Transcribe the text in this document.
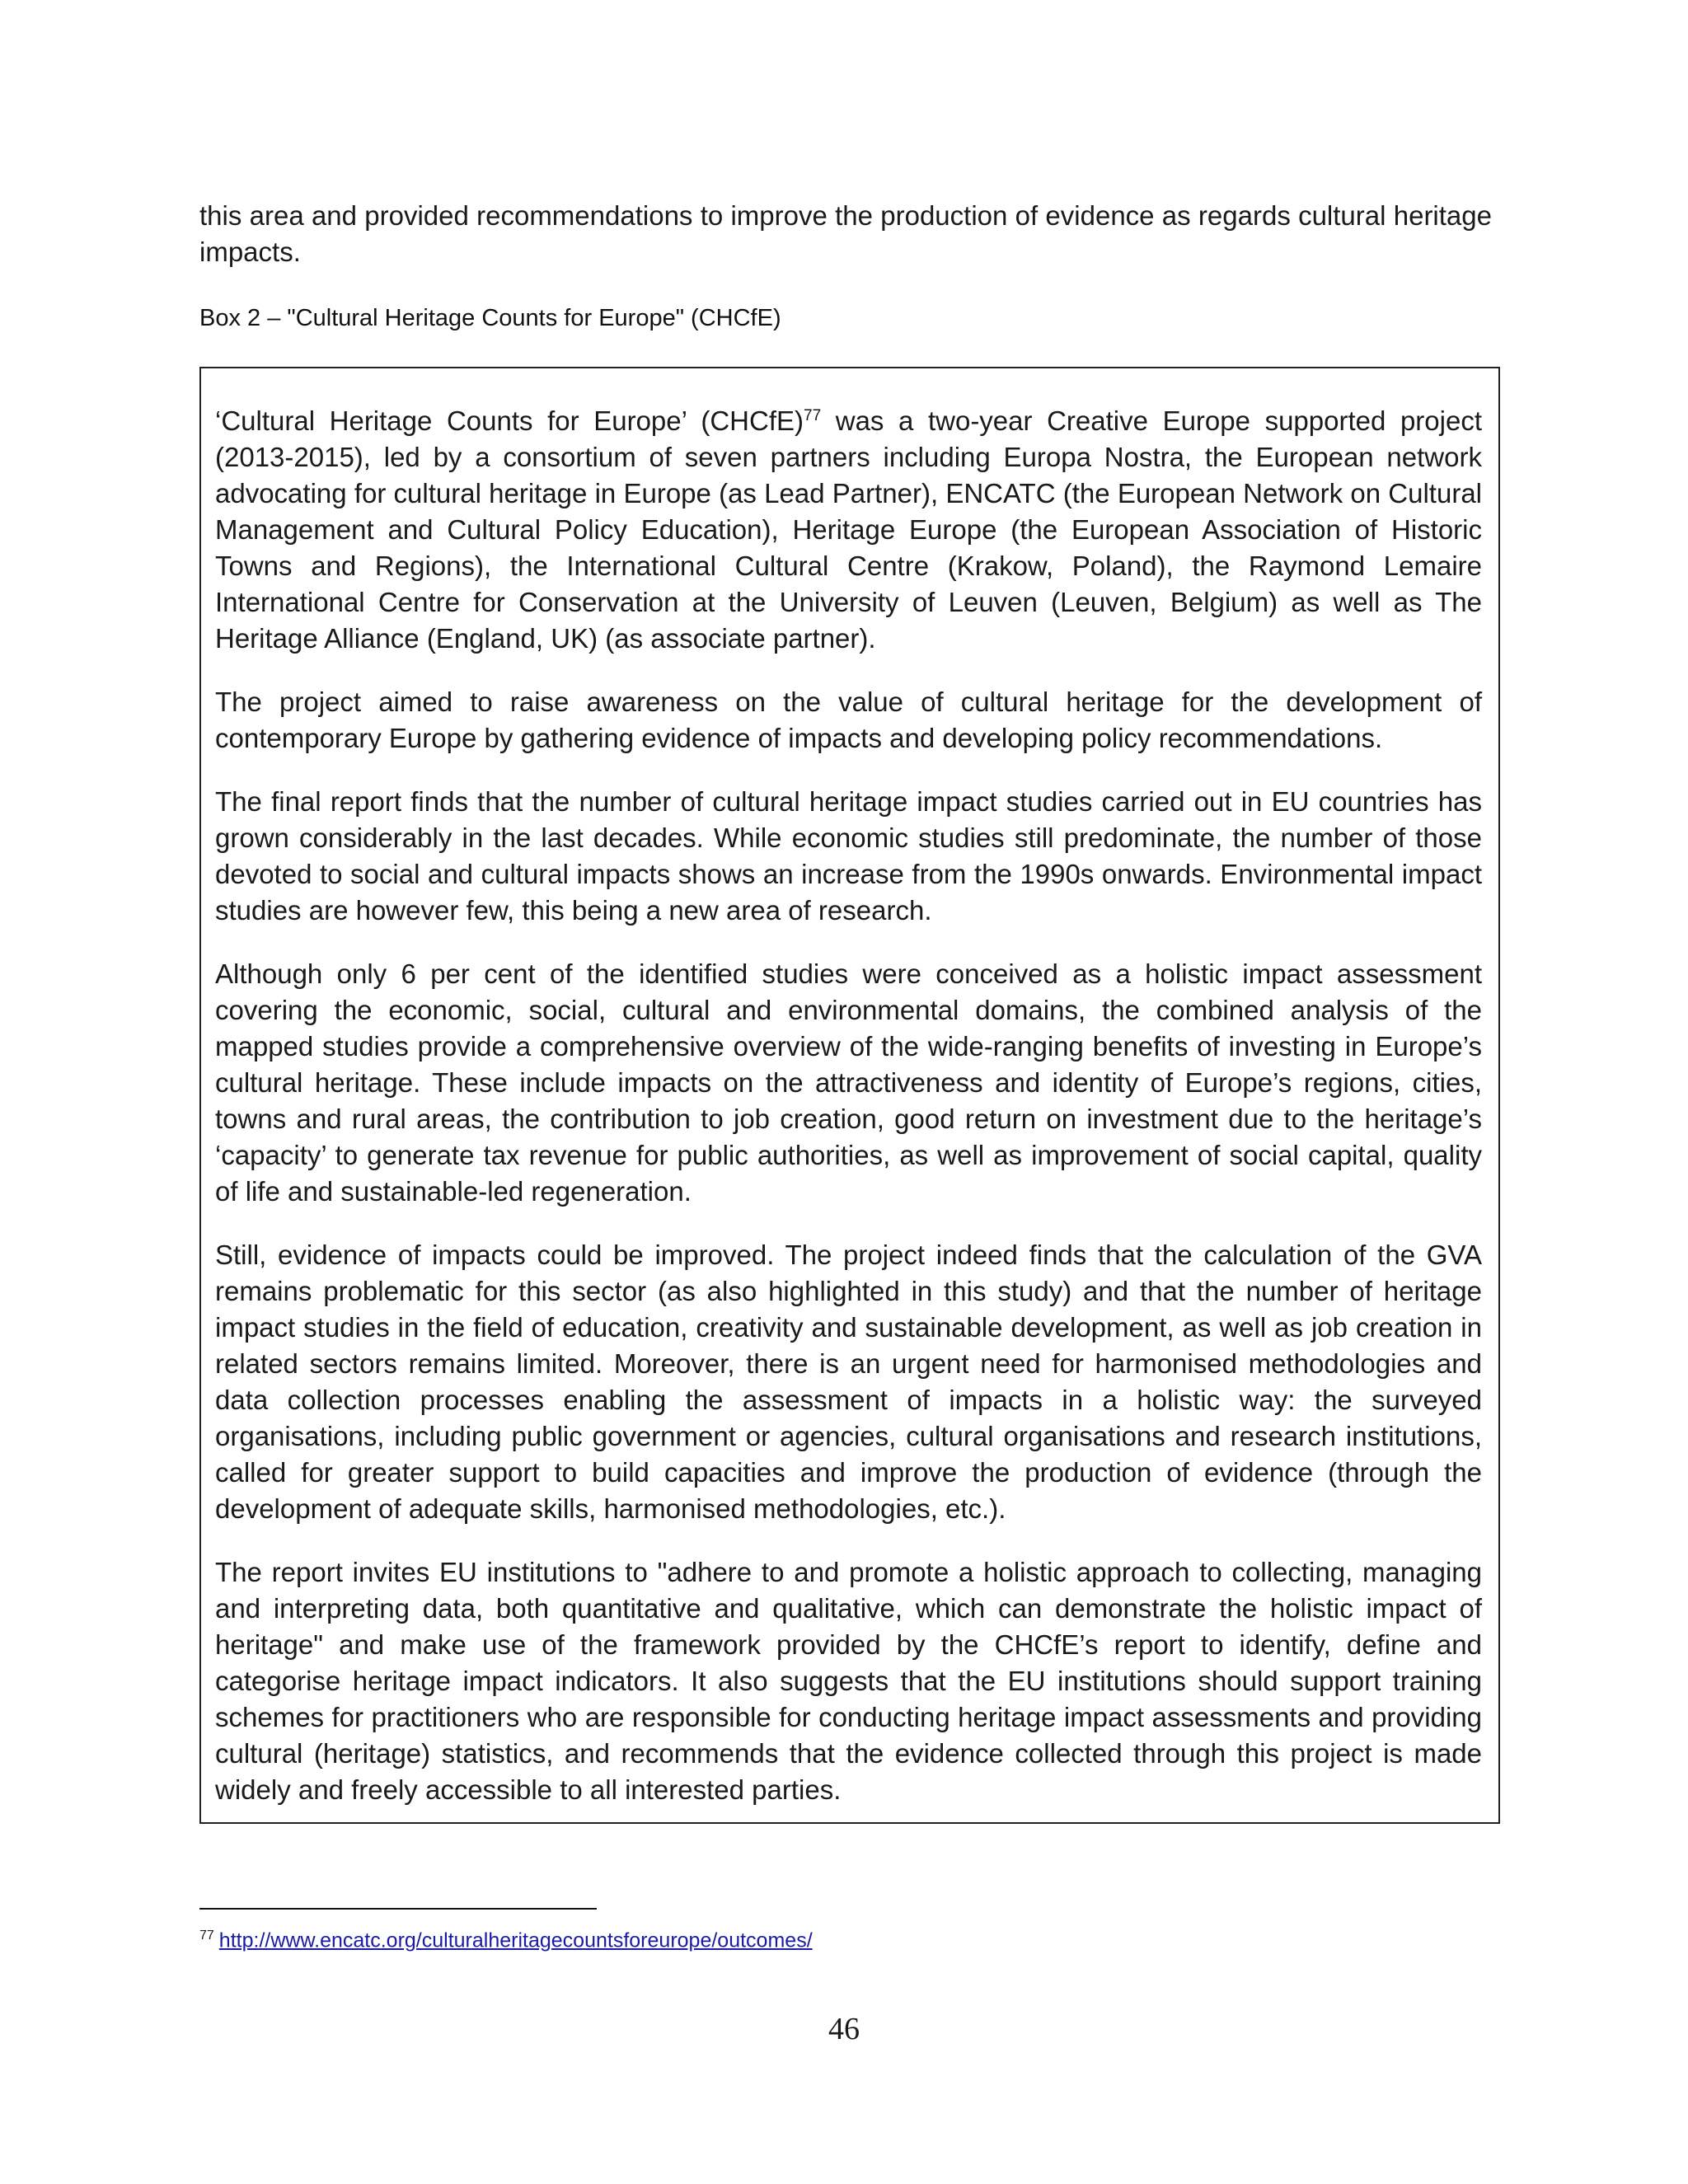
this area and provided recommendations to improve the production of evidence as regards cultural heritage impacts.

Box 2 – "Cultural Heritage Counts for Europe" (CHCfE)

‘Cultural Heritage Counts for Europe’ (CHCfE)$^{77}$ was a two-year Creative Europe supported project (2013-2015), led by a consortium of seven partners including Europa Nostra, the European network advocating for cultural heritage in Europe (as Lead Partner), ENCATC (the European Network on Cultural Management and Cultural Policy Education), Heritage Europe (the European Association of Historic Towns and Regions), the International Cultural Centre (Krakow, Poland), the Raymond Lemaire International Centre for Conservation at the University of Leuven (Leuven, Belgium) as well as The Heritage Alliance (England, UK) (as associate partner).

The project aimed to raise awareness on the value of cultural heritage for the development of contemporary Europe by gathering evidence of impacts and developing policy recommendations.

The final report finds that the number of cultural heritage impact studies carried out in EU countries has grown considerably in the last decades. While economic studies still predominate, the number of those devoted to social and cultural impacts shows an increase from the 1990s onwards. Environmental impact studies are however few, this being a new area of research.

Although only 6 per cent of the identified studies were conceived as a holistic impact assessment covering the economic, social, cultural and environmental domains, the combined analysis of the mapped studies provide a comprehensive overview of the wide-ranging benefits of investing in Europe’s cultural heritage. These include impacts on the attractiveness and identity of Europe’s regions, cities, towns and rural areas, the contribution to job creation, good return on investment due to the heritage’s ‘capacity’ to generate tax revenue for public authorities, as well as improvement of social capital, quality of life and sustainable-led regeneration.

Still, evidence of impacts could be improved. The project indeed finds that the calculation of the GVA remains problematic for this sector (as also highlighted in this study) and that the number of heritage impact studies in the field of education, creativity and sustainable development, as well as job creation in related sectors remains limited. Moreover, there is an urgent need for harmonised methodologies and data collection processes enabling the assessment of impacts in a holistic way: the surveyed organisations, including public government or agencies, cultural organisations and research institutions, called for greater support to build capacities and improve the production of evidence (through the development of adequate skills, harmonised methodologies, etc.).

The report invites EU institutions to "adhere to and promote a holistic approach to collecting, managing and interpreting data, both quantitative and qualitative, which can demonstrate the holistic impact of heritage" and make use of the framework provided by the CHCfE’s report to identify, define and categorise heritage impact indicators. It also suggests that the EU institutions should support training schemes for practitioners who are responsible for conducting heritage impact assessments and providing cultural (heritage) statistics, and recommends that the evidence collected through this project is made widely and freely accessible to all interested parties.

$^{77}$ http://www.encatc.org/culturalheritagecountsforeurope/outcomes/

46
